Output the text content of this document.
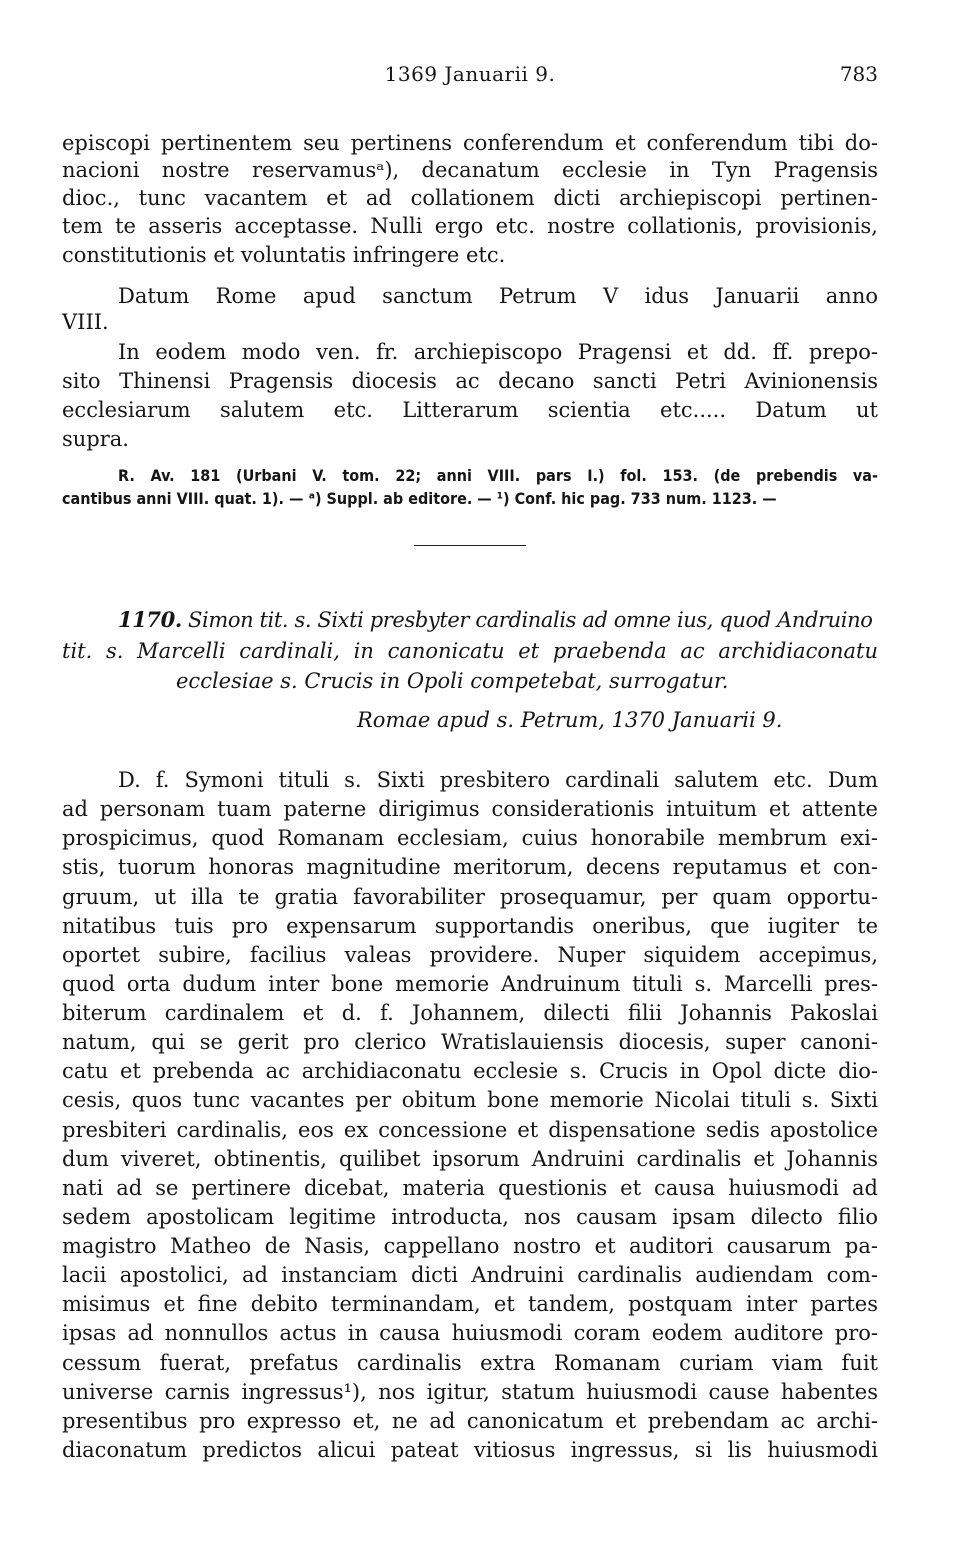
1369 Januarii 9.	783
episcopi pertinentem seu pertinens conferendum et conferendum tibi do-
nacioni nostre reservamusᵃ), decanatum ecclesie in Tyn Pragensis
dioc., tunc vacantem et ad collationem dicti archiepiscopi pertinen-
tem te asseris acceptasse. Nulli ergo etc. nostre collationis, provisionis,
constitutionis et voluntatis infringere etc.
Datum Rome apud sanctum Petrum V idus Januarii anno
VIII.
In eodem modo ven. fr. archiepiscopo Pragensi et dd. ff. prepo-
sito Thinensi Pragensis diocesis ac decano sancti Petri Avinionensis
ecclesiarum salutem etc. Litterarum scientia etc..... Datum ut
supra.
R. Av. 181 (Urbani V. tom. 22; anni VIII. pars I.) fol. 153. (de prebendis va-
cantibus anni VIII. quat. 1). — ᵃ) Suppl. ab editore. — ¹) Conf. hic pag. 733 num. 1123. —
1170. Simon tit. s. Sixti presbyter cardinalis ad omne ius, quod Andruino
tit. s. Marcelli cardinali, in canonicatu et praebenda ac archidiaconatu
ecclesiae s. Crucis in Opoli competebat, surrogatur.
Romae apud s. Petrum, 1370 Januarii 9.
D. f. Symoni tituli s. Sixti presbitero cardinali salutem etc. Dum
ad personam tuam paterne dirigimus considerationis intuitum et attente
prospicimus, quod Romanam ecclesiam, cuius honorabile membrum exi-
stis, tuorum honoras magnitudine meritorum, decens reputamus et con-
gruum, ut illa te gratia favorabiliter prosequamur, per quam opportu-
nitatibus tuis pro expensarum supportandis oneribus, que iugiter te
oportet subire, facilius valeas providere. Nuper siquidem accepimus,
quod orta dudum inter bone memorie Andruinum tituli s. Marcelli pres-
biterum cardinalem et d. f. Johannem, dilecti filii Johannis Pakoslai
natum, qui se gerit pro clerico Wratislauiensis diocesis, super canoni-
catu et prebenda ac archidiaconatu ecclesie s. Crucis in Opol dicte dio-
cesis, quos tunc vacantes per obitum bone memorie Nicolai tituli s. Sixti
presbiteri cardinalis, eos ex concessione et dispensatione sedis apostolice
dum viveret, obtinentis, quilibet ipsorum Andruini cardinalis et Johannis
nati ad se pertinere dicebat, materia questionis et causa huiusmodi ad
sedem apostolicam legitime introducta, nos causam ipsam dilecto filio
magistro Matheo de Nasis, cappellano nostro et auditori causarum pa-
lacii apostolici, ad instanciam dicti Andruini cardinalis audiendam com-
misimus et fine debito terminandam, et tandem, postquam inter partes
ipsas ad nonnullos actus in causa huiusmodi coram eodem auditore pro-
cessum fuerat, prefatus cardinalis extra Romanam curiam viam fuit
universe carnis ingressus¹), nos igitur, statum huiusmodi cause habentes
presentibus pro expresso et, ne ad canonicatum et prebendam ac archi-
diaconatum predictos alicui pateat vitiosus ingressus, si lis huiusmodi
